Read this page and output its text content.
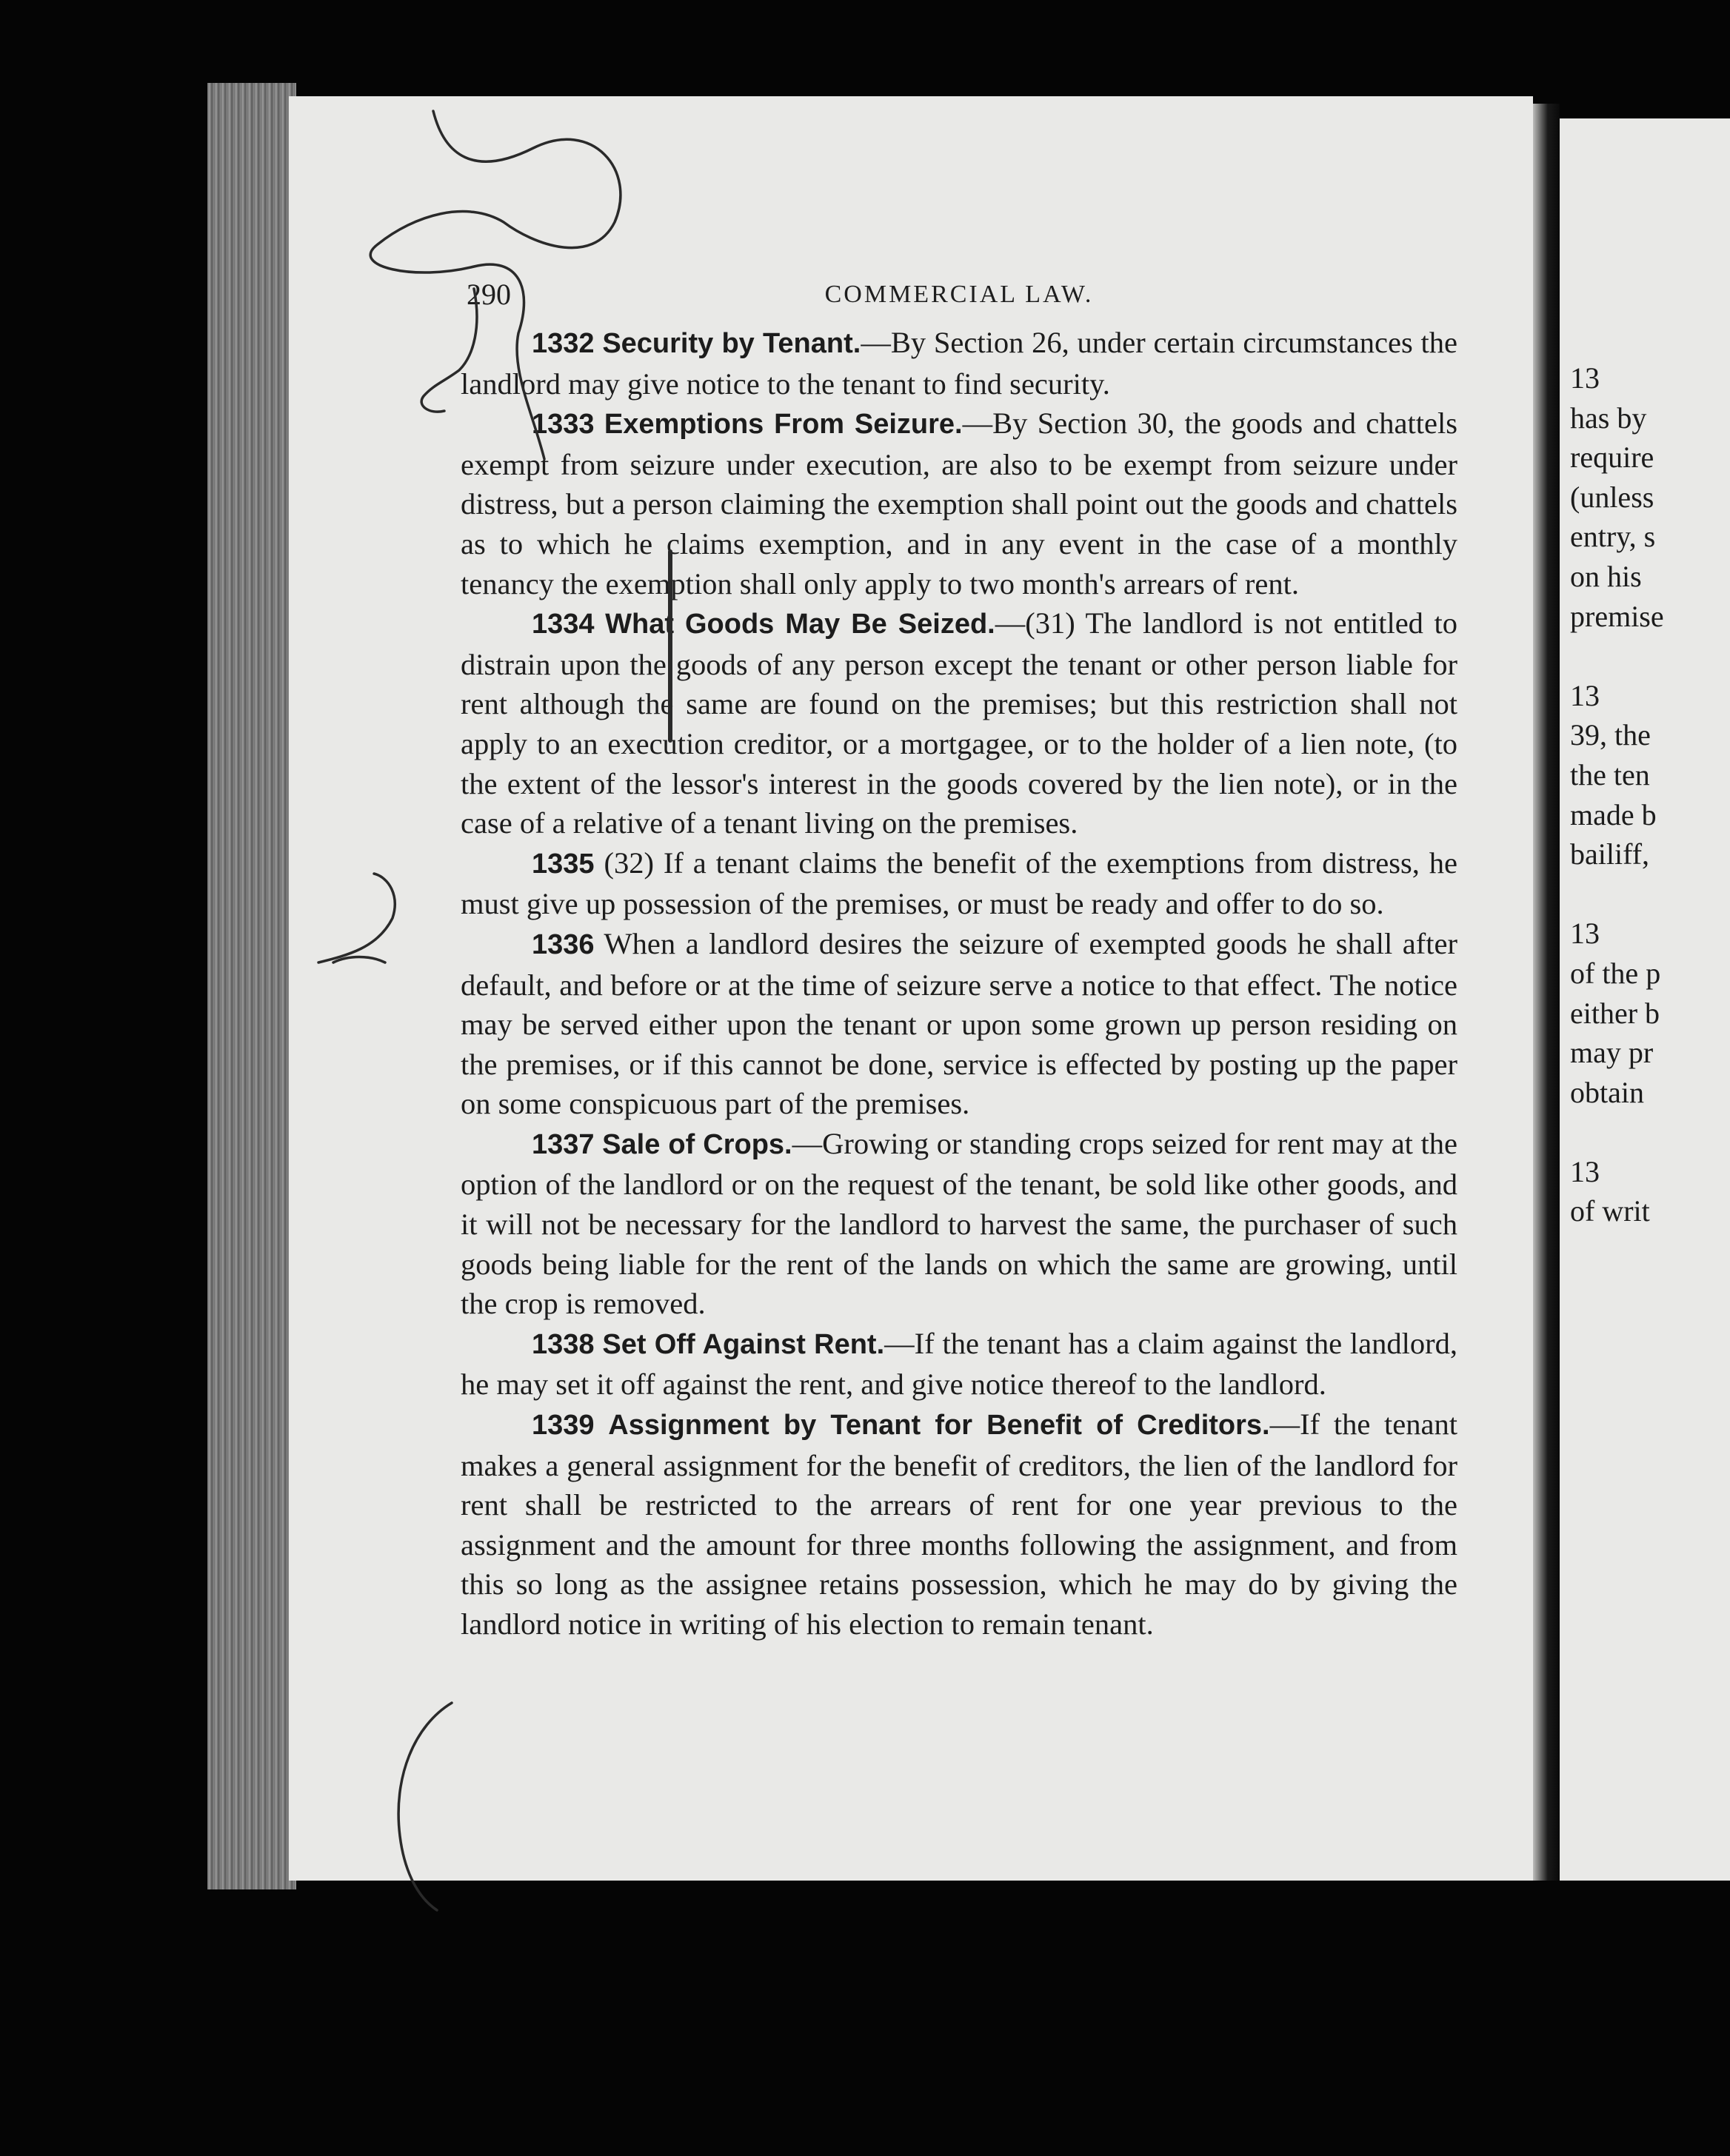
290	COMMERCIAL LAW.

1332 Security by Tenant.—By Section 26, under certain circumstances the landlord may give notice to the tenant to find security.

1333 Exemptions From Seizure.—By Section 30, the goods and chattels exempt from seizure under execution, are also to be exempt from seizure under distress, but a person claiming the exemption shall point out the goods and chattels as to which he claims exemption, and in any event in the case of a monthly tenancy the exemption shall only apply to two month's arrears of rent.

1334 What Goods May Be Seized.—(31) The landlord is not entitled to distrain upon the goods of any person except the tenant or other person liable for rent although the same are found on the premises; but this restriction shall not apply to an execution creditor, or a mortgagee, or to the holder of a lien note, (to the extent of the lessor's interest in the goods covered by the lien note), or in the case of a relative of a tenant living on the premises.

1335 (32) If a tenant claims the benefit of the exemptions from distress, he must give up possession of the premises, or must be ready and offer to do so.

1336 When a landlord desires the seizure of exempted goods he shall after default, and before or at the time of seizure serve a notice to that effect. The notice may be served either upon the tenant or upon some grown up person residing on the premises, or if this cannot be done, service is effected by posting up the paper on some conspicuous part of the premises.

1337 Sale of Crops.—Growing or standing crops seized for rent may at the option of the landlord or on the request of the tenant, be sold like other goods, and it will not be necessary for the landlord to harvest the same, the purchaser of such goods being liable for the rent of the lands on which the same are growing, until the crop is removed.

1338 Set Off Against Rent.—If the tenant has a claim against the landlord, he may set it off against the rent, and give notice thereof to the landlord.

1339 Assignment by Tenant for Benefit of Creditors.—If the tenant makes a general assignment for the benefit of creditors, the lien of the landlord for rent shall be restricted to the arrears of rent for one year previous to the assignment and the amount for three months following the assignment, and from this so long as the assignee retains possession, which he may do by giving the landlord notice in writing of his election to remain tenant.

13
has by
require
(unless
entry, s
on his
premise
13
39, the
the ten
made b
bailiff,
13
of the p
either b
may pr
obtain
13
of writ
